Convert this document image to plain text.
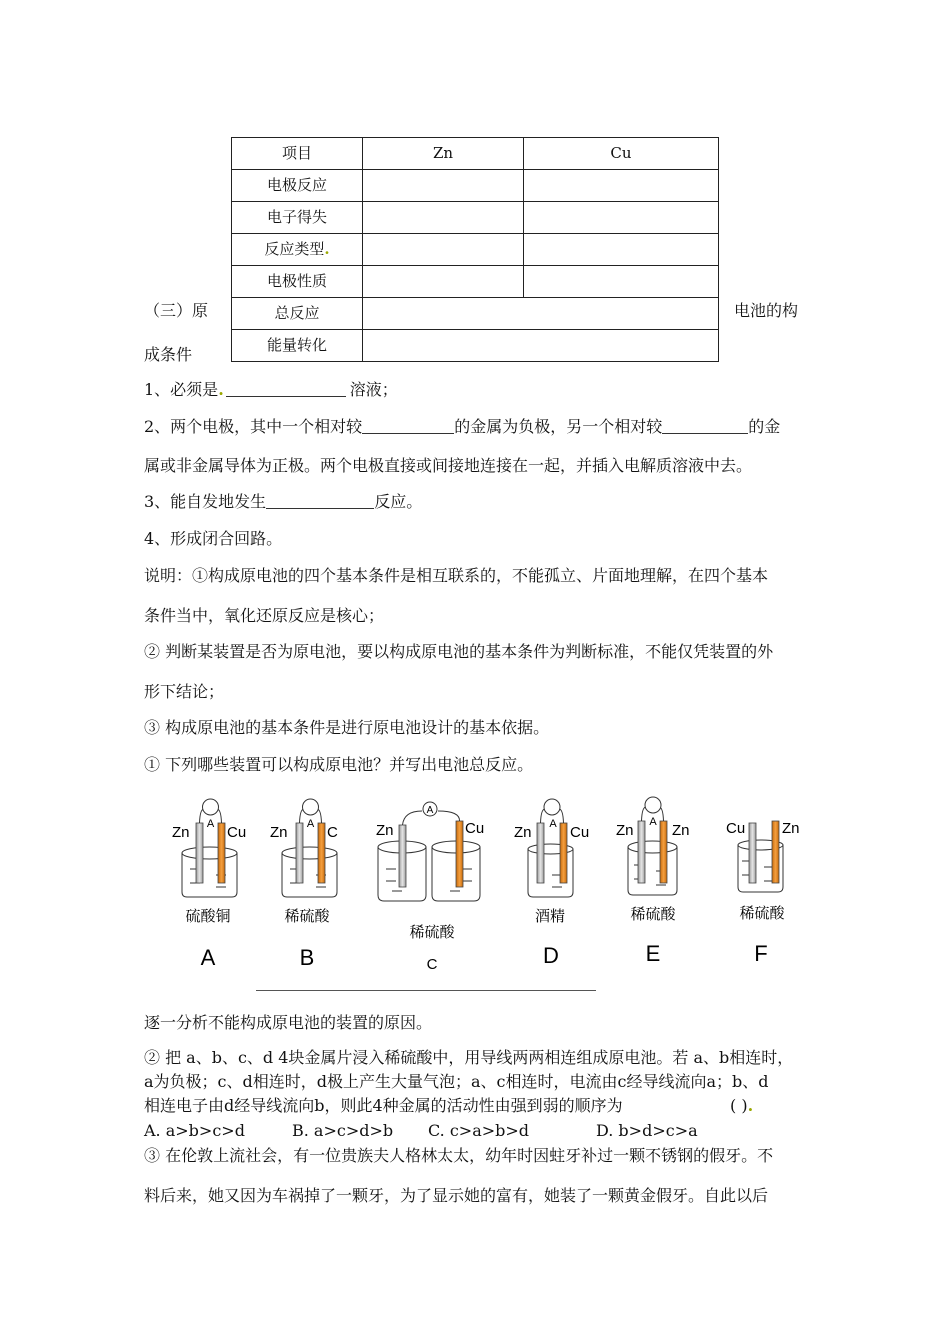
项目	Zn	Cu
电极反应		
电子得失		
反应类型.		
电极性质		
总反应		
能量转化		
（三）原	电池的构
成条件
1、必须是.	溶液；
2、两个电极，其中一个相对较	的金属为负极，另一个相对较	的金
属或非金属导体为正极。两个电极直接或间接地连接在一起，并插入电解质溶液中去。
3、能自发地发生	反应。
4、形成闭合回路。
说明：①构成原电池的四个基本条件是相互联系的，不能孤立、片面地理解，在四个基本
条件当中，氧化还原反应是核心；
② 判断某装置是否为原电池，要以构成原电池的基本条件为判断标准，不能仅凭装置的外
形下结论；
③ 构成原电池的基本条件是进行原电池设计的基本依据。
① 下列哪些装置可以构成原电池？并写出电池总反应。
A
Zn Cu
硫酸铜
A
A
Zn	C
稀硫酸
B
A
Zn	Cu
稀硫酸
C
A
Zn	Cu
酒精
D
A
Zn	Zn
稀硫酸
E
Cu Zn
稀硫酸
F
逐一分析不能构成原电池的装置的原因。
② 把 a、b、c、d 4块金属片浸入稀硫酸中，用导线两两相连组成原电池。若 a、b相连时，
a为负极；c、d相连时，d极上产生大量气泡；a、c相连时，电流由c经导线流向a；b、d
相连电子由d经导线流向b，则此4种金属的活动性由强到弱的顺序为	( ).
A. a>b>c>d	B. a>c>d>b C. c>a>b>d	D. b>d>c>a
③ 在伦敦上流社会，有一位贵族夫人格林太太，幼年时因蛀牙补过一颗不锈钢的假牙。不
料后来，她又因为车祸掉了一颗牙，为了显示她的富有，她装了一颗黄金假牙。自此以后
